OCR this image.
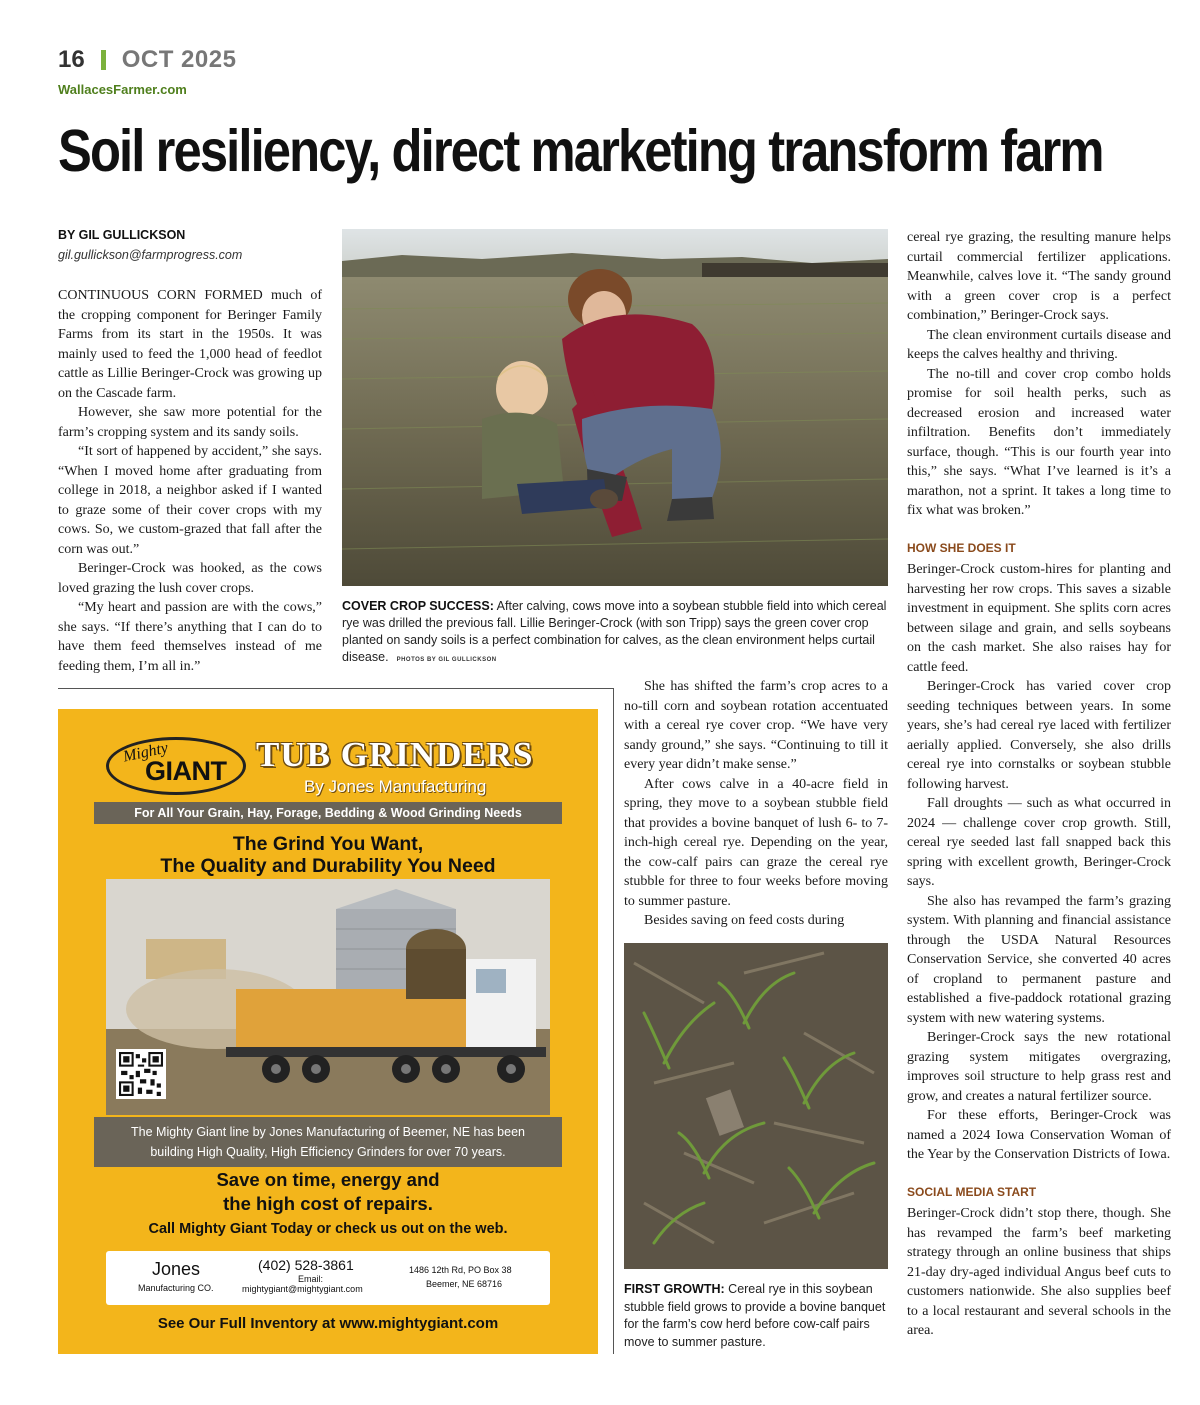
16 OCT 2025
WallacesFarmer.com
Soil resiliency, direct marketing transform farm
BY GIL GULLICKSON
gil.gullickson@farmprogress.com

CONTINUOUS CORN FORMED much of the cropping component for Beringer Family Farms from its start in the 1950s. It was mainly used to feed the 1,000 head of feedlot cattle as Lillie Beringer-Crock was growing up on the Cascade farm.

However, she saw more potential for the farm’s cropping system and its sandy soils.

“It sort of happened by accident,” she says. “When I moved home after graduating from college in 2018, a neighbor asked if I wanted to graze some of their cover crops with my cows. So, we custom-grazed that fall after the corn was out.”

Beringer-Crock was hooked, as the cows loved grazing the lush cover crops.

“My heart and passion are with the cows,” she says. “If there’s anything that I can do to have them feed themselves instead of me feeding them, I’m all in.”

COVER CROP SUCCESS: After calving, cows move into a soybean stubble field into which cereal rye was drilled the previous fall. Lillie Beringer-Crock (with son Tripp) says the green cover crop planted on sandy soils is a perfect combination for calves, as the clean environment helps curtail disease. PHOTOS BY GIL GULLICKSON

cereal rye grazing, the resulting manure helps curtail commercial fertilizer applications. Meanwhile, calves love it. “The sandy ground with a green cover crop is a perfect combination,” Beringer-Crock says.

The clean environment curtails disease and keeps the calves healthy and thriving.

The no-till and cover crop combo holds promise for soil health perks, such as decreased erosion and increased water infiltration. Benefits don’t immediately surface, though. “This is our fourth year into this,” she says. “What I’ve learned is it’s a marathon, not a sprint. It takes a long time to fix what was broken.”

HOW SHE DOES IT

Beringer-Crock custom-hires for planting and harvesting her row crops. This saves a sizable investment in equipment. She splits corn acres between silage and grain, and sells soybeans on the cash market. She also raises hay for cattle feed.

Beringer-Crock has varied cover crop seeding techniques between years. In some years, she’s had cereal rye laced with fertilizer aerially applied. Conversely, she also drills cereal rye into cornstalks or soybean stubble following harvest.

Fall droughts — such as what occurred in 2024 — challenge cover crop growth. Still, cereal rye seeded last fall snapped back this spring with excellent growth, Beringer-Crock says.

She also has revamped the farm’s grazing system. With planning and financial assistance through the USDA Natural Resources Conservation Service, she converted 40 acres of cropland to permanent pasture and established a five-paddock rotational grazing system with new watering systems.

Beringer-Crock says the new rotational grazing system mitigates overgrazing, improves soil structure to help grass rest and grow, and creates a natural fertilizer source.

For these efforts, Beringer-Crock was named a 2024 Iowa Conservation Woman of the Year by the Conservation Districts of Iowa.

SOCIAL MEDIA START

Beringer-Crock didn’t stop there, though. She has revamped the farm’s beef marketing strategy through an online business that ships 21-day dry-aged individual Angus beef cuts to customers nationwide. She also supplies beef to a local restaurant and several schools in the area.

She has shifted the farm’s crop acres to a no-till corn and soybean rotation accentuated with a cereal rye cover crop. “We have very sandy ground,” she says. “Continuing to till it every year didn’t make sense.”

After cows calve in a 40-acre field in spring, they move to a soybean stubble field that provides a bovine banquet of lush 6- to 7-inch-high cereal rye. Depending on the year, the cow-calf pairs can graze the cereal rye stubble for three to four weeks before moving to summer pasture.

Besides saving on feed costs during

FIRST GROWTH: Cereal rye in this soybean stubble field grows to provide a bovine banquet for the farm’s cow herd before cow-calf pairs move to summer pasture.
Mighty
GIANT TUB GRINDERS
By Jones Manufacturing
For All Your Grain, Hay, Forage, Bedding & Wood Grinding Needs
The Grind You Want,
The Quality and Durability You Need
The Mighty Giant line by Jones Manufacturing of Beemer, NE has been
building High Quality, High Efficiency Grinders for over 70 years.
Save on time, energy and
the high cost of repairs.
Call Mighty Giant Today or check us out on the web.
Jones
Manufacturing CO.
(402) 528-3861
Email:
mightygiant@mightygiant.com
1486 12th Rd, PO Box 38
Beemer, NE 68716
See Our Full Inventory at www.mightygiant.com
